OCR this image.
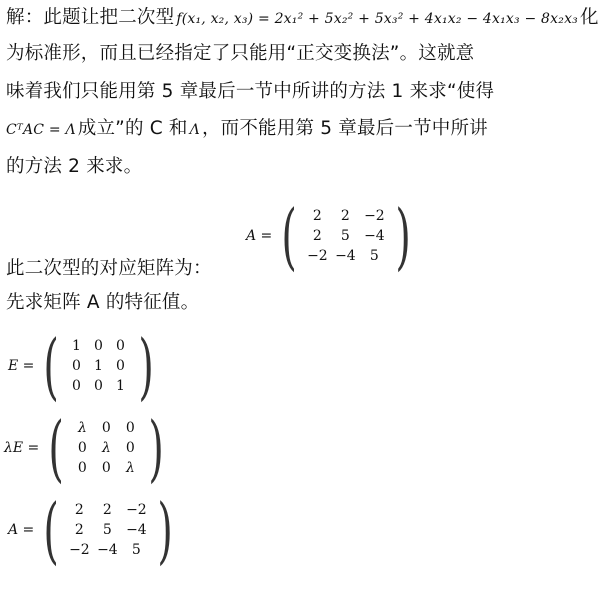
解：此题让把二次型 f(x₁, x₂, x₃) = 2x₁² + 5x₂² + 5x₃² + 4x₁x₂ − 4x₁x₃ − 8x₂x₃ 化
为标准形，而且已经指定了只能用“正交变换法”。这就意
味着我们只能用第 5 章最后一节中所讲的方法 1 来求“使得
CᵀAC = Λ 成立”的 C 和 Λ ，而不能用第 5 章最后一节中所讲
的方法 2 来求。
A = (	2	2	−2
2	5	−4
−2 −4	5 )
此二次型的对应矩阵为：
先求矩阵 A 的特征值。
E = ( 1 0 0
0 1 0
0 0 1 )
λE = ( λ	0	0
0	λ	0
0	0	λ )
A = (	2	2	−2
2	5	−4
−2 −4	5 )
